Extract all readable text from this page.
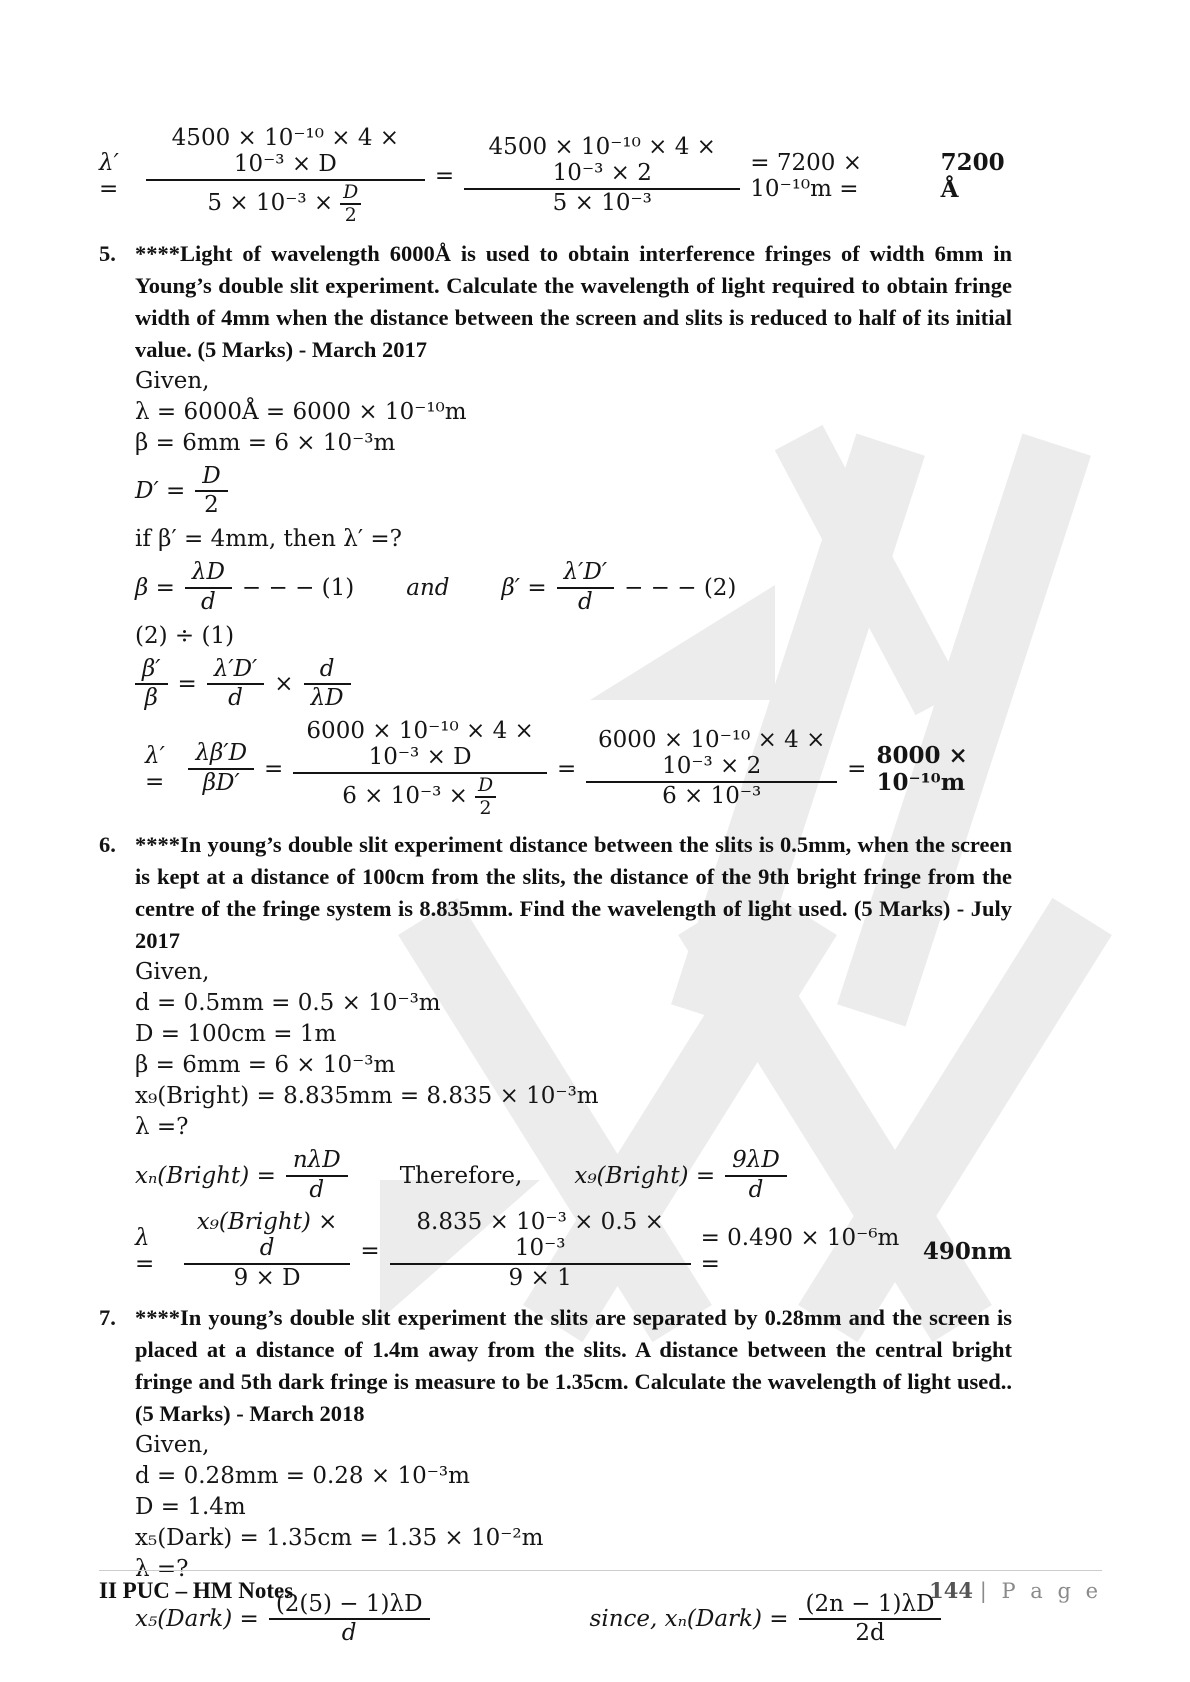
λ′ =	$\frac{\text{4500 × 10⁻¹⁰ × 4 × 10⁻³ × D}}{5 \times 10^{-3} \times \frac{D}{2}} = \frac{\text{4500 × 10⁻¹⁰ × 4 × 10⁻³ × 2}}{\text{5 × 10⁻³}} = 7200 \times 10^{-10}m$ =
7200 Å
5. ****Light of wavelength 6000Å is used to obtain interference fringes of width 6mm in Young’s double slit experiment. Calculate the wavelength of light required to obtain fringe width of 4mm when the distance between the screen and slits is reduced to half of its initial value. (5 Marks) - March 2017
Given,
λ = 6000Å = 6000 × 10⁻¹⁰m
β = 6mm = 6 × 10⁻³m
$D' = \frac{D}{2}$
if β′ = 4mm, then λ′ =?
$\beta = \frac{\lambda D}{d}$ − − − (1) and $\beta' = \frac{\lambda'D'}{d}$ − − − (2)
(2) ÷ (1)
$\frac{\beta'}{\beta} = \frac{\lambda'D'}{d} \times \frac{d}{\lambda D}$
λ′ =	$\frac{\lambda\beta'D}{\beta D'} = \frac{\text{6000 × 10⁻¹⁰ × 4 × 10⁻³ × D}}{6 \times 10^{-3} \times \frac{D}{2}} = \frac{\text{6000 × 10⁻¹⁰ × 4 × 10⁻³ × 2}}{\text{6 × 10⁻³}} = 8000 \times 10^{-10}m$
6. ****In young’s double slit experiment distance between the slits is 0.5mm, when the screen is kept at a distance of 100cm from the slits, the distance of the 9th bright fringe from the centre of the fringe system is 8.835mm. Find the wavelength of light used. (5 Marks) - July 2017
Given,
d = 0.5mm = 0.5 × 10⁻³m
D = 100cm = 1m
β = 6mm = 6 × 10⁻³m
x₉(Bright) = 8.835mm = 8.835 × 10⁻³m
λ =?
xₙ(Bright) = $\frac{\text{nλD}}{d}$ Therefore, x₉(Bright) = $\frac{9\lambda D}{d}$
λ =	$\frac{\text{x₉(Bright) × d}}{9 \times D} = \frac{\text{8.835 × 10⁻³ × 0.5 × 10⁻³}}{9 \times 1} = 0.490 \times 10^{-6}m$ =	490nm
7. ****In young’s double slit experiment the slits are separated by 0.28mm and the screen is placed at a distance of 1.4m away from the slits. A distance between the central bright fringe and 5th dark fringe is measure to be 1.35cm. Calculate the wavelength of light used.. (5 Marks) - March 2018
Given,
d = 0.28mm = 0.28 × 10⁻³m
D = 1.4m
x₅(Dark) = 1.35cm = 1.35 × 10⁻²m
λ =?
x₅(Dark) = $\frac{(2(5) - 1)\lambda D}{d}$	since, xₙ(Dark) = $\frac{(2n - 1)\lambda D}{2d}$
II PUC – HM Notes	144 | P a g e
